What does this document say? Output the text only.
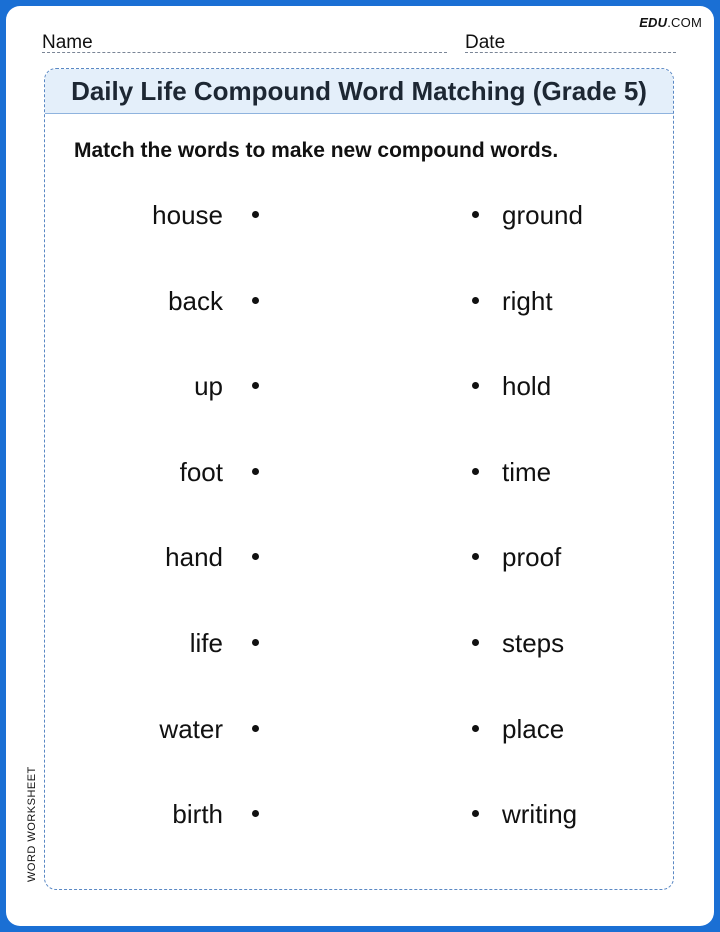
EDU.COM
Name	Date
Daily Life Compound Word Matching (Grade 5)
Match the words to make new compound words.
house	ground
back	right
up	hold
foot	time
hand	proof
life	steps
water	place
birth	writing
WORD WORKSHEET
